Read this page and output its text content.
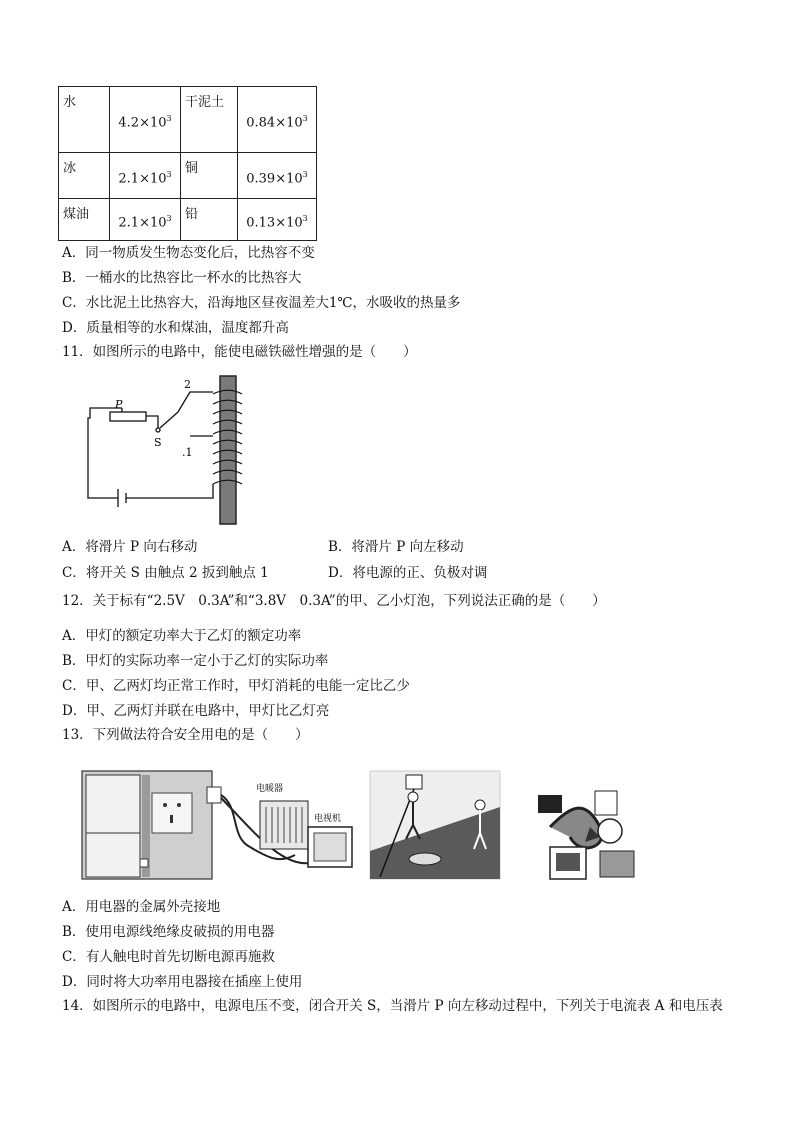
水	$4.2\times 10^3$	干泥土	$0.84\times 10^3$
冰	$2.1\times 10^3$	铜	$0.39\times 10^3$
煤油	$2.1\times 10^3$	铅	$0.13\times 10^3$
A．同一物质发生物态变化后，比热容不变
B．一桶水的比热容比一杯水的比热容大
C．水比泥土比热容大，沿海地区昼夜温差大1℃，水吸收的热量多
D．质量相等的水和煤油，温度都升高
11．如图所示的电路中，能使电磁铁磁性增强的是（　　）
P
S
2
.1
A．将滑片 P 向右移动	B．将滑片 P 向左移动
C．将开关 S 由触点 2 扳到触点 1	D．将电源的正、负极对调
12．关于标有“2.5V　0.3A”和“3.8V　0.3A”的甲、乙小灯泡，下列说法正确的是（　　）
A．甲灯的额定功率大于乙灯的额定功率
B．甲灯的实际功率一定小于乙灯的实际功率
C．甲、乙两灯均正常工作时，甲灯消耗的电能一定比乙少
D．甲、乙两灯并联在电路中，甲灯比乙灯亮
13．下列做法符合安全用电的是（　　）
电暖器
电视机
A．用电器的金属外壳接地
B．使用电源线绝缘皮破损的用电器
C．有人触电时首先切断电源再施救
D．同时将大功率用电器接在插座上使用
14．如图所示的电路中，电源电压不变，闭合开关 S，当滑片 P 向左移动过程中，下列关于电流表 A 和电压表
